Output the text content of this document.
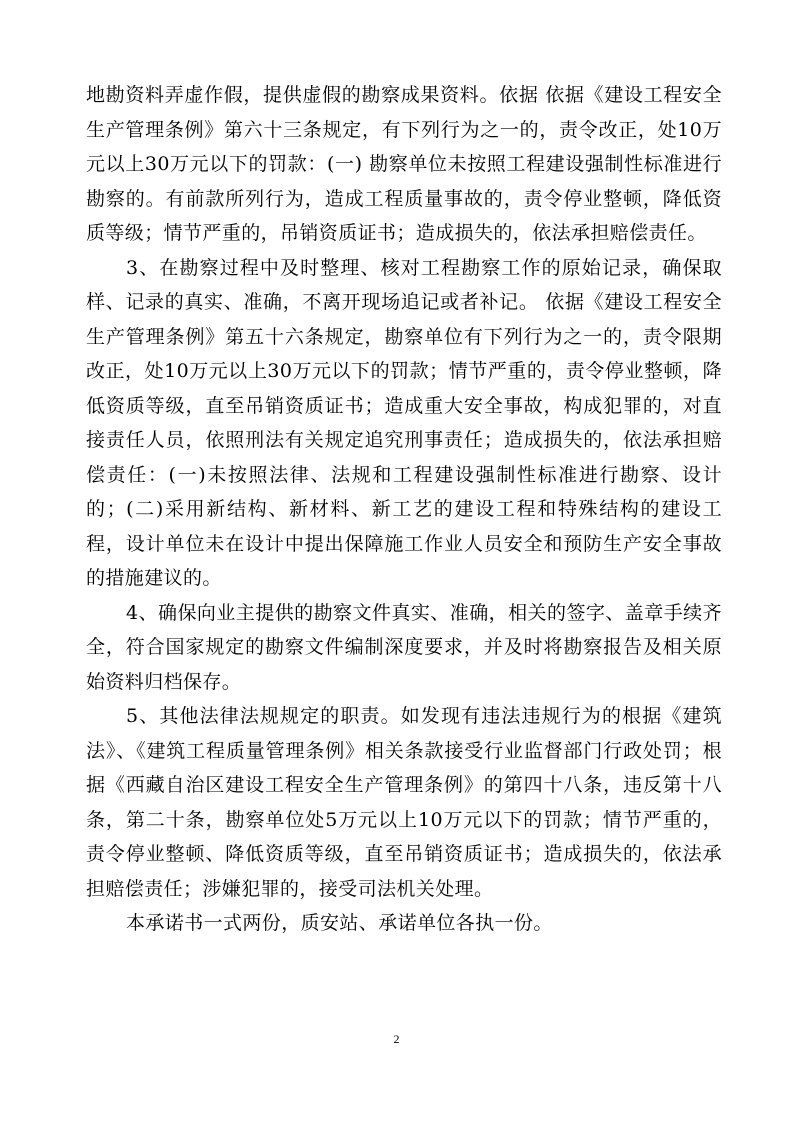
地勘资料弄虚作假，提供虚假的勘察成果资料。依据 依据《建设工程安全生产管理条例》第六十三条规定，有下列行为之一的，责令改正，处10万元以上30万元以下的罚款：(一) 勘察单位未按照工程建设强制性标准进行勘察的。有前款所列行为，造成工程质量事故的，责令停业整顿，降低资质等级；情节严重的，吊销资质证书；造成损失的，依法承担赔偿责任。

3、在勘察过程中及时整理、核对工程勘察工作的原始记录，确保取样、记录的真实、准确，不离开现场追记或者补记。 依据《建设工程安全生产管理条例》第五十六条规定，勘察单位有下列行为之一的，责令限期改正，处10万元以上30万元以下的罚款；情节严重的，责令停业整顿，降低资质等级，直至吊销资质证书；造成重大安全事故，构成犯罪的，对直接责任人员，依照刑法有关规定追究刑事责任；造成损失的，依法承担赔偿责任：(一)未按照法律、法规和工程建设强制性标准进行勘察、设计的；(二)采用新结构、新材料、新工艺的建设工程和特殊结构的建设工程，设计单位未在设计中提出保障施工作业人员安全和预防生产安全事故的措施建议的。

4、确保向业主提供的勘察文件真实、准确，相关的签字、盖章手续齐全，符合国家规定的勘察文件编制深度要求，并及时将勘察报告及相关原始资料归档保存。

5、其他法律法规规定的职责。如发现有违法违规行为的根据《建筑法》、《建筑工程质量管理条例》相关条款接受行业监督部门行政处罚；根据《西藏自治区建设工程安全生产管理条例》的第四十八条，违反第十八条，第二十条，勘察单位处5万元以上10万元以下的罚款；情节严重的，责令停业整顿、降低资质等级，直至吊销资质证书；造成损失的，依法承担赔偿责任；涉嫌犯罪的，接受司法机关处理。

本承诺书一式两份，质安站、承诺单位各执一份。

2
